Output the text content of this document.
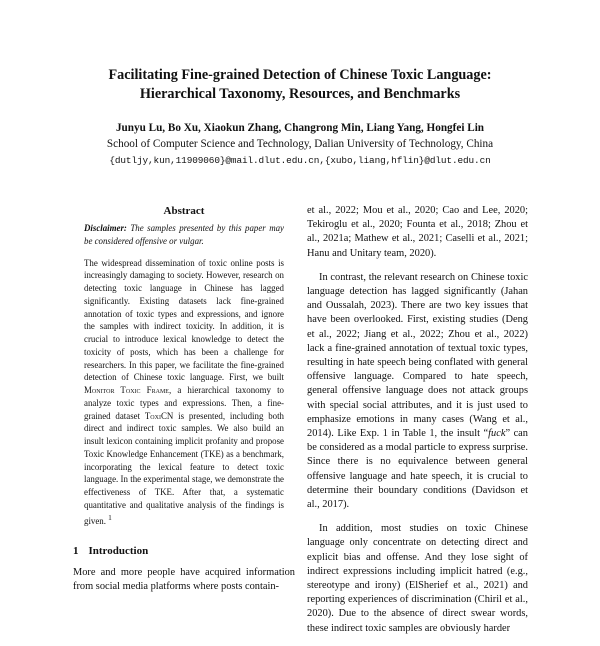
Facilitating Fine-grained Detection of Chinese Toxic Language:
Hierarchical Taxonomy, Resources, and Benchmarks
Junyu Lu, Bo Xu, Xiaokun Zhang, Changrong Min, Liang Yang, Hongfei Lin
School of Computer Science and Technology, Dalian University of Technology, China
{dutljy,kun,11909060}@mail.dlut.edu.cn,{xubo,liang,hflin}@dlut.edu.cn
Abstract

Disclaimer: The samples presented by this paper may be considered offensive or vulgar.

The widespread dissemination of toxic online posts is increasingly damaging to society. However, research on detecting toxic language in Chinese has lagged significantly. Existing datasets lack fine-grained annotation of toxic types and expressions, and ignore the samples with indirect toxicity. In addition, it is crucial to introduce lexical knowledge to detect the toxicity of posts, which has been a challenge for researchers. In this paper, we facilitate the fine-grained detection of Chinese toxic language. First, we built Monitor Toxic Frame, a hierarchical taxonomy to analyze toxic types and expressions. Then, a fine-grained dataset ToxiCN is presented, including both direct and indirect toxic samples. We also build an insult lexicon containing implicit profanity and propose Toxic Knowledge Enhancement (TKE) as a benchmark, incorporating the lexical feature to detect toxic language. In the experimental stage, we demonstrate the effectiveness of TKE. After that, a systematic quantitative and qualitative analysis of the findings is given. $^1$

1 Introduction

More and more people have acquired information from social media platforms where posts contain-

et al., 2022; Mou et al., 2020; Cao and Lee, 2020; Tekiroglu et al., 2020; Founta et al., 2018; Zhou et al., 2021a; Mathew et al., 2021; Caselli et al., 2021; Hanu and Unitary team, 2020).

In contrast, the relevant research on Chinese toxic language detection has lagged significantly (Jahan and Oussalah, 2023). There are two key issues that have been overlooked. First, existing studies (Deng et al., 2022; Jiang et al., 2022; Zhou et al., 2022) lack a fine-grained annotation of textual toxic types, resulting in hate speech being conflated with general offensive language. Compared to hate speech, general offensive language does not attack groups with special social attributes, and it is just used to emphasize emotions in many cases (Wang et al., 2014). Like Exp. 1 in Table 1, the insult “fuck” can be considered as a modal particle to express surprise. Since there is no equivalence between general offensive language and hate speech, it is crucial to determine their boundary conditions (Davidson et al., 2017).

In addition, most studies on toxic Chinese language only concentrate on detecting direct and explicit bias and offense. And they lose sight of indirect expressions including implicit hatred (e.g., stereotype and irony) (ElSherief et al., 2021) and reporting experiences of discrimination (Chiril et al., 2020). Due to the absence of direct swear words, these indirect toxic samples are obviously harder
